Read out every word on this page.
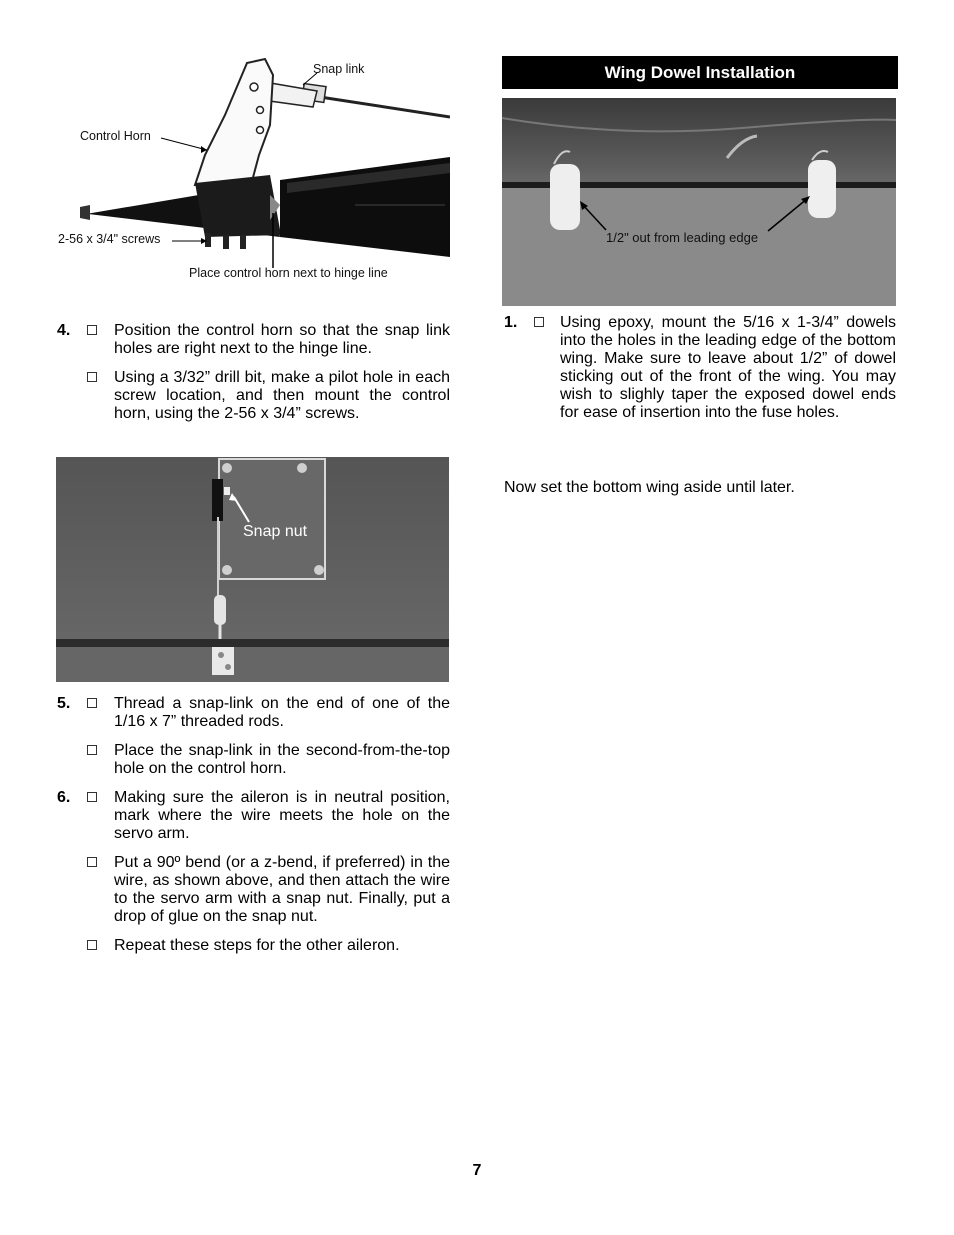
Snap link
Control Horn
2-56 x 3/4" screws
Place control horn next to hinge line
4.	Position the control horn so that the snap link holes are right next to the hinge line.
Using a 3/32” drill bit, make a pilot hole in each screw location, and then mount the control horn, using the 2-56 x 3/4” screws.
Snap nut
5.	Thread a snap-link on the end of one of the 1/16 x 7” threaded rods.
Place the snap-link in the second-from-the-top hole on the control horn.
6.	Making sure the aileron is in neutral position, mark where the wire meets the hole on the servo arm.
Put a 90º bend (or a z-bend, if preferred) in the wire, as shown above, and then attach the wire to the servo arm with a snap nut. Finally, put a drop of glue on the snap nut.
Repeat these steps for the other aileron.
Wing Dowel Installation
1/2" out from leading edge
1.	Using epoxy, mount the 5/16 x 1-3/4” dowels into the holes in the leading edge of the bottom wing. Make sure to leave about 1/2” of dowel sticking out of the front of the wing. You may wish to slighly taper the exposed dowel ends for ease of insertion into the fuse holes.
Now set the bottom wing aside until later.
7
